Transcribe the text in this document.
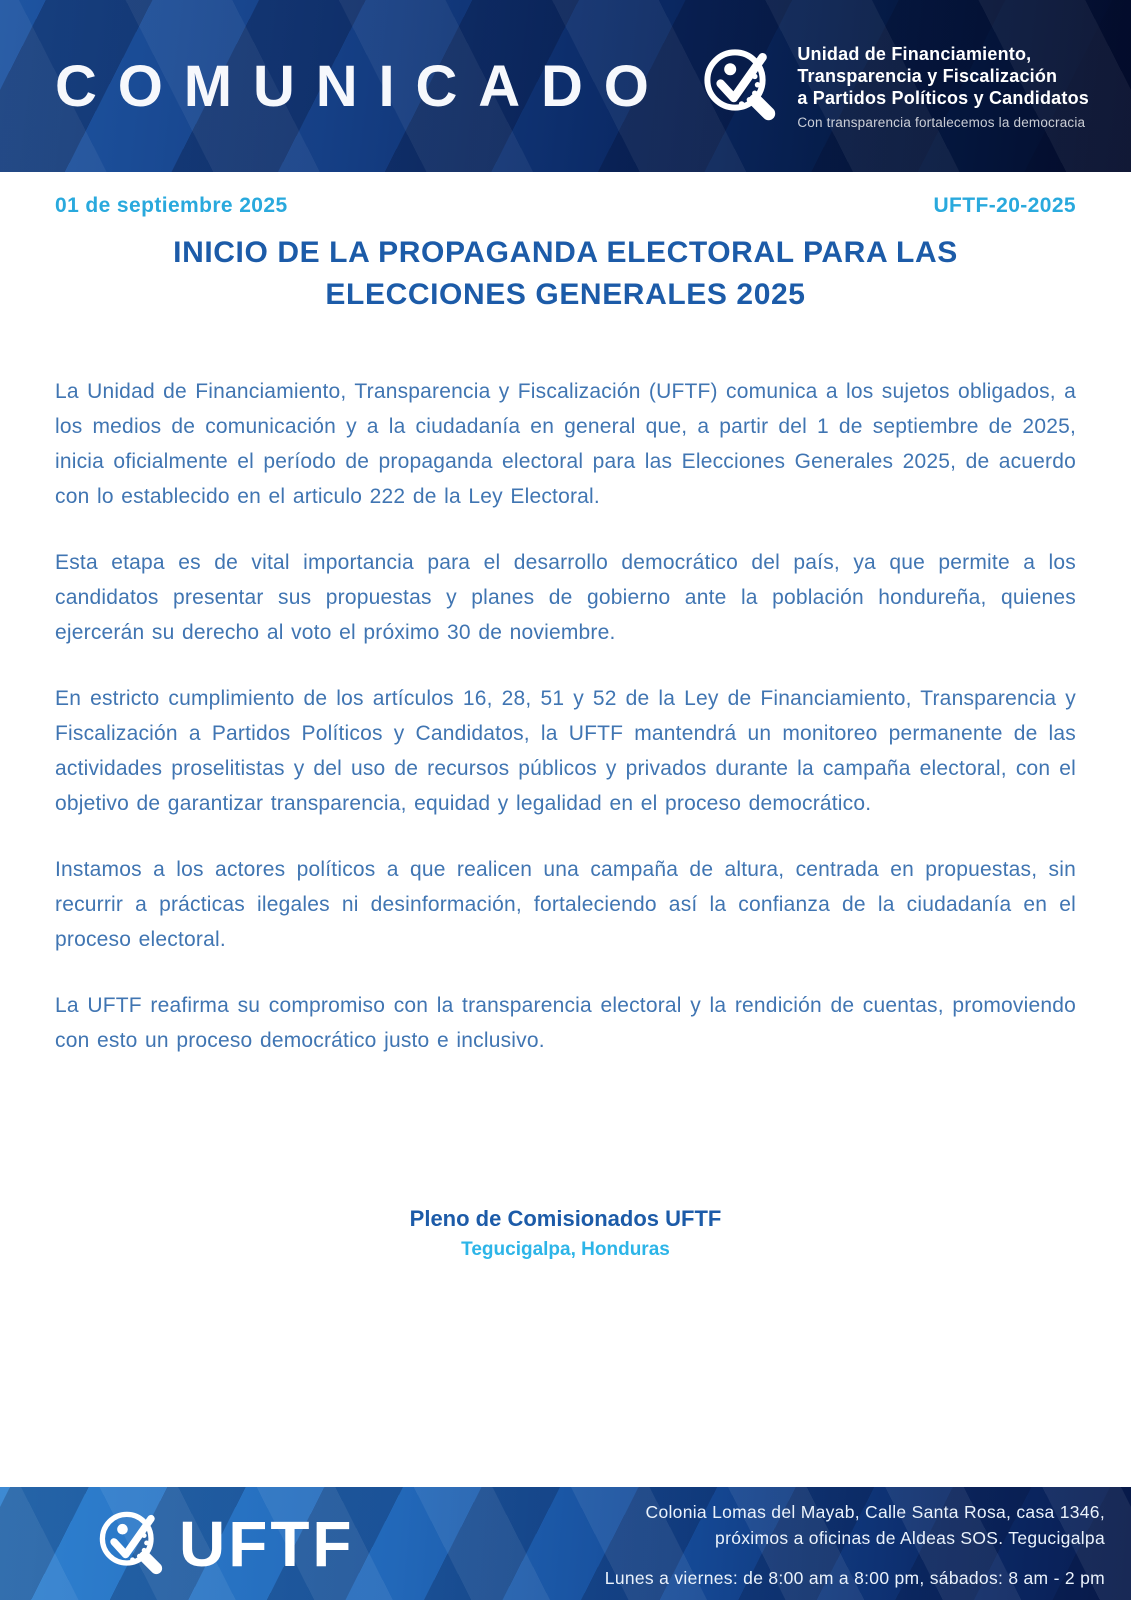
COMUNICADO	Unidad de Financiamiento,
Transparencia y Fiscalización
a Partidos Políticos y Candidatos
Con transparencia fortalecemos la democracia
01 de septiembre 2025	UFTF-20-2025
INICIO DE LA PROPAGANDA ELECTORAL PARA LAS
ELECCIONES GENERALES 2025

La Unidad de Financiamiento, Transparencia y Fiscalización (UFTF) comunica a los sujetos obligados, a los medios de comunicación y a la ciudadanía en general que, a partir del 1 de septiembre de 2025, inicia oficialmente el período de propaganda electoral para las Elecciones Generales 2025, de acuerdo con lo establecido en el articulo 222 de la Ley Electoral.

Esta etapa es de vital importancia para el desarrollo democrático del país, ya que permite a los candidatos presentar sus propuestas y planes de gobierno ante la población hondureña, quienes ejercerán su derecho al voto el próximo 30 de noviembre.

En estricto cumplimiento de los artículos 16, 28, 51 y 52 de la Ley de Financiamiento, Transparencia y Fiscalización a Partidos Políticos y Candidatos, la UFTF mantendrá un monitoreo permanente de las actividades proselitistas y del uso de recursos públicos y privados durante la campaña electoral, con el objetivo de garantizar transparencia, equidad y legalidad en el proceso democrático.

Instamos a los actores políticos a que realicen una campaña de altura, centrada en propuestas, sin recurrir a prácticas ilegales ni desinformación, fortaleciendo así la confianza de la ciudadanía en el proceso electoral.

La UFTF reafirma su compromiso con la transparencia electoral y la rendición de cuentas, promoviendo con esto un proceso democrático justo e inclusivo.

Pleno de Comisionados UFTF
Tegucigalpa, Honduras
UFTF	Colonia Lomas del Mayab, Calle Santa Rosa, casa 1346,
próximos a oficinas de Aldeas SOS. Tegucigalpa
Lunes a viernes: de 8:00 am a 8:00 pm, sábados: 8 am - 2 pm
